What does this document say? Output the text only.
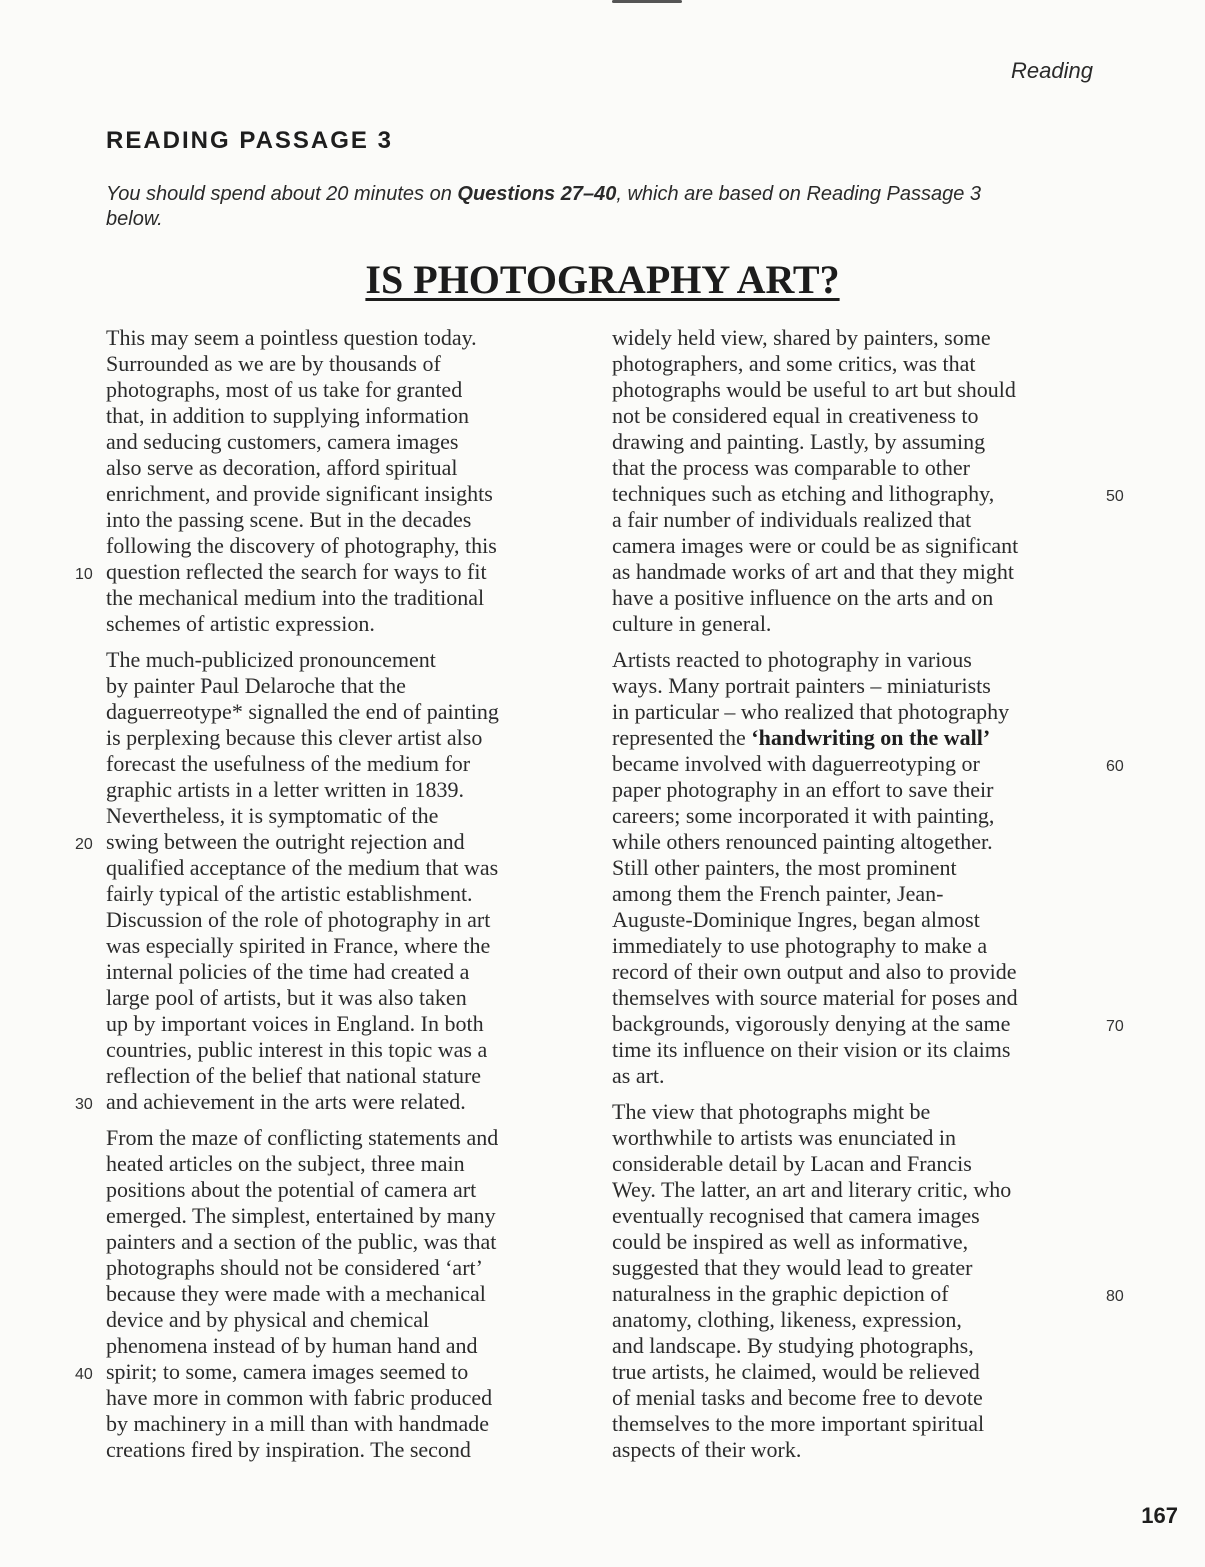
Reading
READING PASSAGE 3

You should spend about 20 minutes on Questions 27–40, which are based on Reading Passage 3 below.

IS PHOTOGRAPHY ART?
This may seem a pointless question today.
Surrounded as we are by thousands of
photographs, most of us take for granted
that, in addition to supplying information
and seducing customers, camera images
also serve as decoration, afford spiritual
enrichment, and provide significant insights
into the passing scene. But in the decades
following the discovery of photography, this
10 question reflected the search for ways to fit
the mechanical medium into the traditional
schemes of artistic expression.
The much-publicized pronouncement
by painter Paul Delaroche that the
daguerreotype* signalled the end of painting
is perplexing because this clever artist also
forecast the usefulness of the medium for
graphic artists in a letter written in 1839.
Nevertheless, it is symptomatic of the
20 swing between the outright rejection and
qualified acceptance of the medium that was
fairly typical of the artistic establishment.
Discussion of the role of photography in art
was especially spirited in France, where the
internal policies of the time had created a
large pool of artists, but it was also taken
up by important voices in England. In both
countries, public interest in this topic was a
reflection of the belief that national stature
30 and achievement in the arts were related.
From the maze of conflicting statements and
heated articles on the subject, three main
positions about the potential of camera art
emerged. The simplest, entertained by many
painters and a section of the public, was that
photographs should not be considered ‘art’
because they were made with a mechanical
device and by physical and chemical
phenomena instead of by human hand and
40 spirit; to some, camera images seemed to
have more in common with fabric produced
by machinery in a mill than with handmade
creations fired by inspiration. The second
widely held view, shared by painters, some
photographers, and some critics, was that
photographs would be useful to art but should
not be considered equal in creativeness to
drawing and painting. Lastly, by assuming
that the process was comparable to other
50
techniques such as etching and lithography,
a fair number of individuals realized that
camera images were or could be as significant
as handmade works of art and that they might
have a positive influence on the arts and on
culture in general.
Artists reacted to photography in various
ways. Many portrait painters – miniaturists
in particular – who realized that photography
represented the ‘handwriting on the wall’
60
became involved with daguerreotyping or
paper photography in an effort to save their
careers; some incorporated it with painting,
while others renounced painting altogether.
Still other painters, the most prominent
among them the French painter, Jean-
Auguste-Dominique Ingres, began almost
immediately to use photography to make a
record of their own output and also to provide
themselves with source material for poses and
70
backgrounds, vigorously denying at the same
time its influence on their vision or its claims
as art.
The view that photographs might be
worthwhile to artists was enunciated in
considerable detail by Lacan and Francis
Wey. The latter, an art and literary critic, who
eventually recognised that camera images
could be inspired as well as informative,
suggested that they would lead to greater
80
naturalness in the graphic depiction of
anatomy, clothing, likeness, expression,
and landscape. By studying photographs,
true artists, he claimed, would be relieved
of menial tasks and become free to devote
themselves to the more important spiritual
aspects of their work.
167
